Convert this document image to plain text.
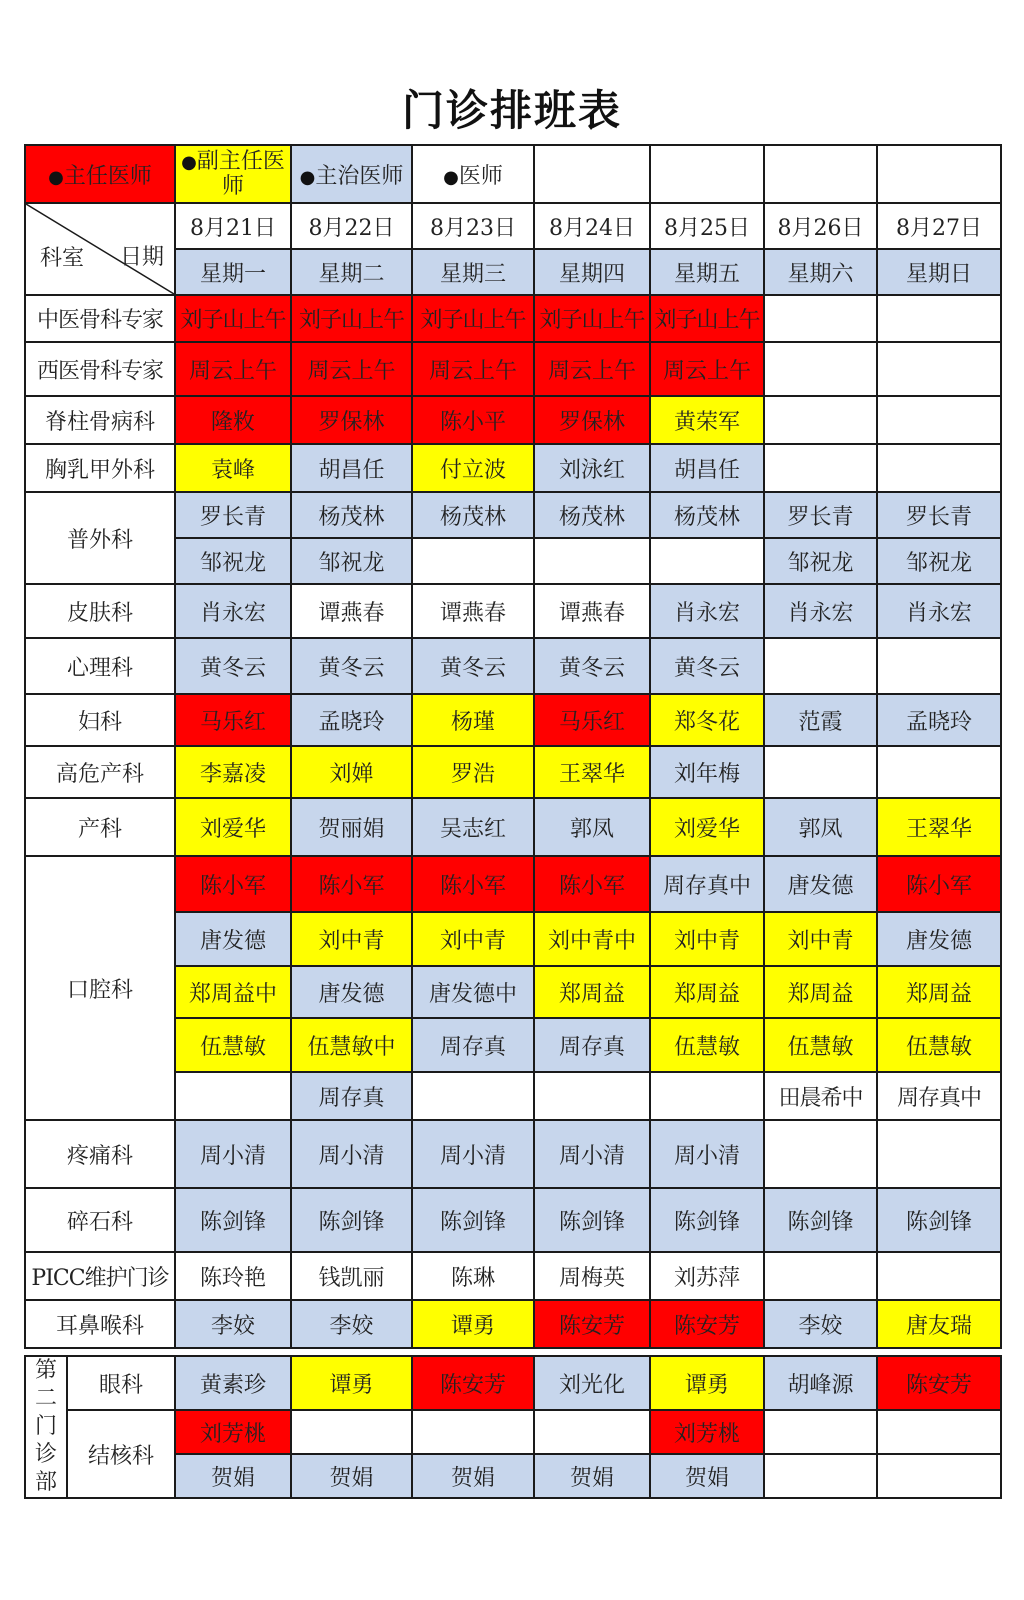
门诊排班表
●主任医师	●副主任医师	●主治医师	●医师				

科室 日期	8月21日	8月22日	8月23日	8月24日	8月25日	8月26日	8月27日
	星期一	星期二	星期三	星期四	星期五	星期六	星期日
中医骨科专家	刘子山上午	刘子山上午	刘子山上午	刘子山上午	刘子山上午		
西医骨科专家	周云上午	周云上午	周云上午	周云上午	周云上午		
脊柱骨病科	隆敉	罗保林	陈小平	罗保林	黄荣军		
胸乳甲外科	袁峰	胡昌任	付立波	刘泳红	胡昌任		
普外科	罗长青	杨茂林	杨茂林	杨茂林	杨茂林	罗长青	罗长青
	邹祝龙	邹祝龙				邹祝龙	邹祝龙
皮肤科	肖永宏	谭燕春	谭燕春	谭燕春	肖永宏	肖永宏	肖永宏
心理科	黄冬云	黄冬云	黄冬云	黄冬云	黄冬云		
妇科	马乐红	孟晓玲	杨瑾	马乐红	郑冬花	范霞	孟晓玲
高危产科	李嘉凌	刘婵	罗浩	王翠华	刘年梅		
产科	刘爱华	贺丽娟	吴志红	郭凤	刘爱华	郭凤	王翠华
口腔科	陈小军	陈小军	陈小军	陈小军	周存真中	唐发德	陈小军
	唐发德	刘中青	刘中青	刘中青中	刘中青	刘中青	唐发德
	郑周益中	唐发德	唐发德中	郑周益	郑周益	郑周益	郑周益
	伍慧敏	伍慧敏中	周存真	周存真	伍慧敏	伍慧敏	伍慧敏
		周存真				田晨希中	周存真中
疼痛科	周小清	周小清	周小清	周小清	周小清		
碎石科	陈剑锋	陈剑锋	陈剑锋	陈剑锋	陈剑锋	陈剑锋	陈剑锋
PICC维护门诊	陈玲艳	钱凯丽	陈琳	周梅英	刘苏萍		
耳鼻喉科	李姣	李姣	谭勇	陈安芳	陈安芳	李姣	唐友瑞
第二门诊部	眼科	黄素珍	谭勇	陈安芳	刘光化	谭勇	胡峰源	陈安芳
	结核科	刘芳桃				刘芳桃		
		贺娟	贺娟	贺娟	贺娟	贺娟		
